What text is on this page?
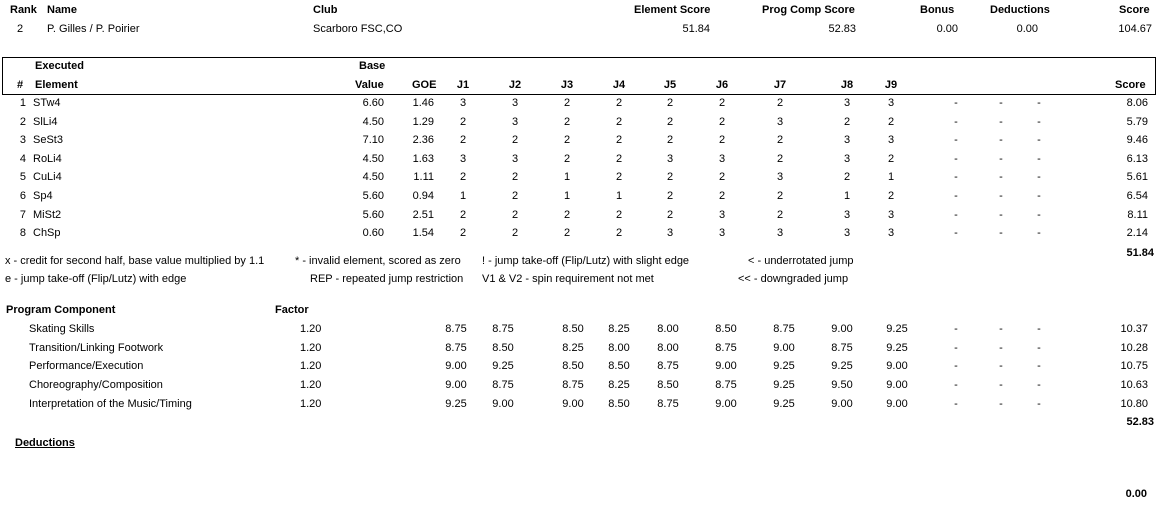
Rank Name	Club	Element Score	Prog Comp Score	Bonus	Deductions	Score
2 P. Gilles / P. Poirier	Scarboro FSC,CO	51.84	52.83	0.00	0.00	104.67
Executed	Base
# Element	Value	GOE	J1	J2	J3	J4	J5	J6	J7	J8	J9	Score
1 STw4	6.60	1.46	3	3	2	2	2	2	2	3	3	-	-	-	8.06
2 SlLi4	4.50	1.29	2	3	2	2	2	2	3	2	2	-	-	-	5.79
3 SeSt3	7.10	2.36	2	2	2	2	2	2	2	3	3	-	-	-	9.46
4 RoLi4	4.50	1.63	3	3	2	2	3	3	2	3	2	-	-	-	6.13
5 CuLi4	4.50	1.11	2	2	1	2	2	2	3	2	1	-	-	-	5.61
6 Sp4	5.60	0.94	1	2	1	1	2	2	2	1	2	-	-	-	6.54
7 MiSt2	5.60	2.51	2	2	2	2	2	3	2	3	3	-	-	-	8.11
8 ChSp	0.60	1.54	2	2	2	2	3	3	3	3	3	-	-	-	2.14
51.84
x - credit for second half, base value multiplied by 1.1	* - invalid element, scored as zero ! - jump take-off (Flip/Lutz) with slight edge	< - underrotated jump
e - jump take-off (Flip/Lutz) with edge	REP - repeated jump restriction V1 & V2 - spin requirement not met	<< - downgraded jump
Program Component	Factor
Skating Skills	1.20	8.75	8.75	8.50	8.25	8.00	8.50	8.75	9.00	9.25	-	-	-	10.37
Transition/Linking Footwork	1.20	8.75	8.50	8.25	8.00	8.00	8.75	9.00	8.75	9.25	-	-	-	10.28
Performance/Execution	1.20	9.00	9.25	8.50	8.50	8.75	9.00	9.25	9.25	9.00	-	-	-	10.75
Choreography/Composition	1.20	9.00	8.75	8.75	8.25	8.50	8.75	9.25	9.50	9.00	-	-	-	10.63
Interpretation of the Music/Timing	1.20	9.25	9.00	9.00	8.50	8.75	9.00	9.25	9.00	9.00	-	-	-	10.80
52.83
Deductions
0.00
